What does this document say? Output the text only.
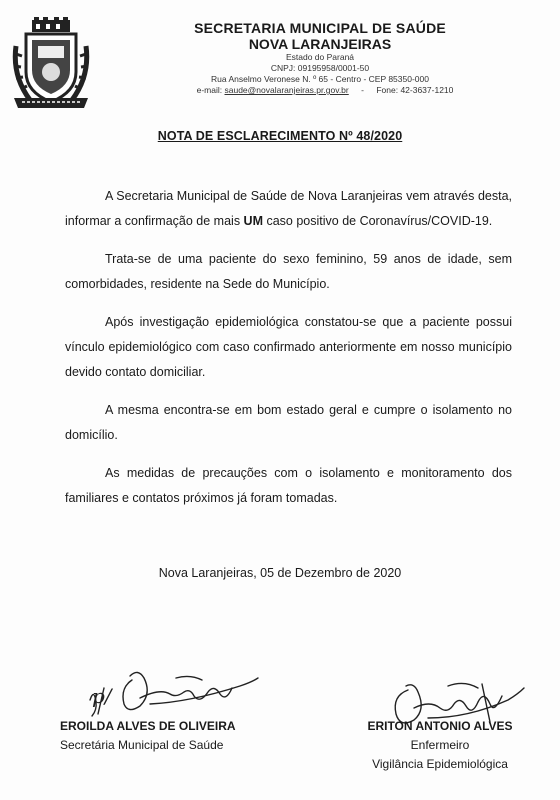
SECRETARIA MUNICIPAL DE SAÚDE
NOVA LARANJEIRAS
Estado do Paraná
CNPJ: 09195958/0001-50
Rua Anselmo Veronese N. º 65 - Centro - CEP 85350-000
e-mail: saude@novalaranjeiras.pr.gov.br - Fone: 42-3637-1210
NOTA DE ESCLARECIMENTO Nº 48/2020

A Secretaria Municipal de Saúde de Nova Laranjeiras vem através desta, informar a confirmação de mais UM caso positivo de Coronavírus/COVID-19.

Trata-se de uma paciente do sexo feminino, 59 anos de idade, sem comorbidades, residente na Sede do Município.

Após investigação epidemiológica constatou-se que a paciente possui vínculo epidemiológico com caso confirmado anteriormente em nosso município devido contato domiciliar.

A mesma encontra-se em bom estado geral e cumpre o isolamento no domicílio.

As medidas de precauções com o isolamento e monitoramento dos familiares e contatos próximos já foram tomadas.

Nova Laranjeiras, 05 de Dezembro de 2020
EROILDA ALVES DE OLIVEIRA
Secretária Municipal de Saúde
ERITON ANTONIO ALVES
Enfermeiro
Vigilância Epidemiológica
p/
